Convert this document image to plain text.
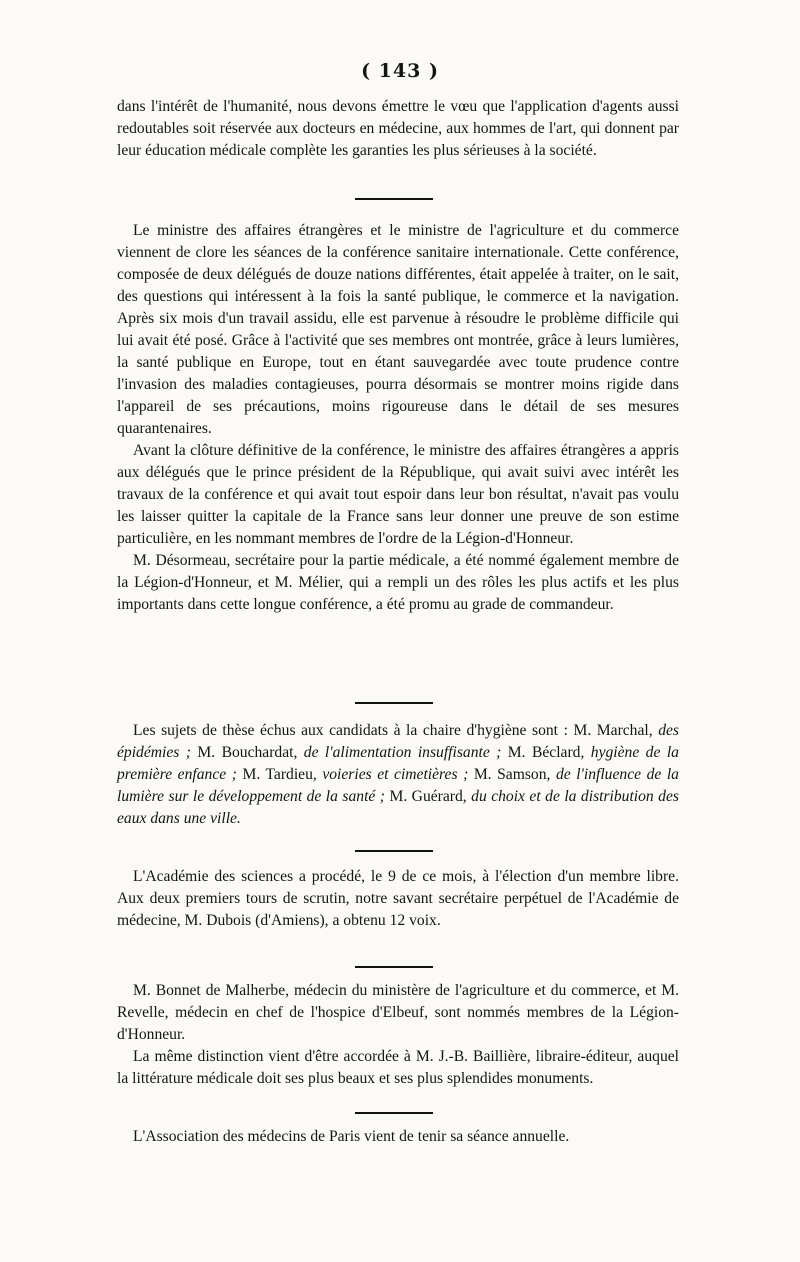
( 143 )

dans l'intérêt de l'humanité, nous devons émettre le vœu que l'application d'agents aussi redoutables soit réservée aux docteurs en médecine, aux hommes de l'art, qui donnent par leur éducation médicale complète les garanties les plus sérieuses à la société.

Le ministre des affaires étrangères et le ministre de l'agriculture et du commerce viennent de clore les séances de la conférence sanitaire internationale. Cette conférence, composée de deux délégués de douze nations différentes, était appelée à traiter, on le sait, des questions qui intéressent à la fois la santé publique, le commerce et la navigation. Après six mois d'un travail assidu, elle est parvenue à résoudre le problème difficile qui lui avait été posé. Grâce à l'activité que ses membres ont montrée, grâce à leurs lumières, la santé publique en Europe, tout en étant sauvegardée avec toute prudence contre l'invasion des maladies contagieuses, pourra désormais se montrer moins rigide dans l'appareil de ses précautions, moins rigoureuse dans le détail de ses mesures quarantenaires.

Avant la clôture définitive de la conférence, le ministre des affaires étrangères a appris aux délégués que le prince président de la République, qui avait suivi avec intérêt les travaux de la conférence et qui avait tout espoir dans leur bon résultat, n'avait pas voulu les laisser quitter la capitale de la France sans leur donner une preuve de son estime particulière, en les nommant membres de l'ordre de la Légion-d'Honneur.

M. Désormeau, secrétaire pour la partie médicale, a été nommé également membre de la Légion-d'Honneur, et M. Mélier, qui a rempli un des rôles les plus actifs et les plus importants dans cette longue conférence, a été promu au grade de commandeur.

Les sujets de thèse échus aux candidats à la chaire d'hygiène sont : M. Marchal, des épidémies ; M. Bouchardat, de l'alimentation insuffisante ; M. Béclard, hygiène de la première enfance ; M. Tardieu, voieries et cimetières ; M. Samson, de l'influence de la lumière sur le développement de la santé ; M. Guérard, du choix et de la distribution des eaux dans une ville.

L'Académie des sciences a procédé, le 9 de ce mois, à l'élection d'un membre libre. Aux deux premiers tours de scrutin, notre savant secrétaire perpétuel de l'Académie de médecine, M. Dubois (d'Amiens), a obtenu 12 voix.

M. Bonnet de Malherbe, médecin du ministère de l'agriculture et du commerce, et M. Revelle, médecin en chef de l'hospice d'Elbeuf, sont nommés membres de la Légion-d'Honneur.

La même distinction vient d'être accordée à M. J.-B. Baillière, libraire-éditeur, auquel la littérature médicale doit ses plus beaux et ses plus splendides monuments.

L'Association des médecins de Paris vient de tenir sa séance annuelle.
